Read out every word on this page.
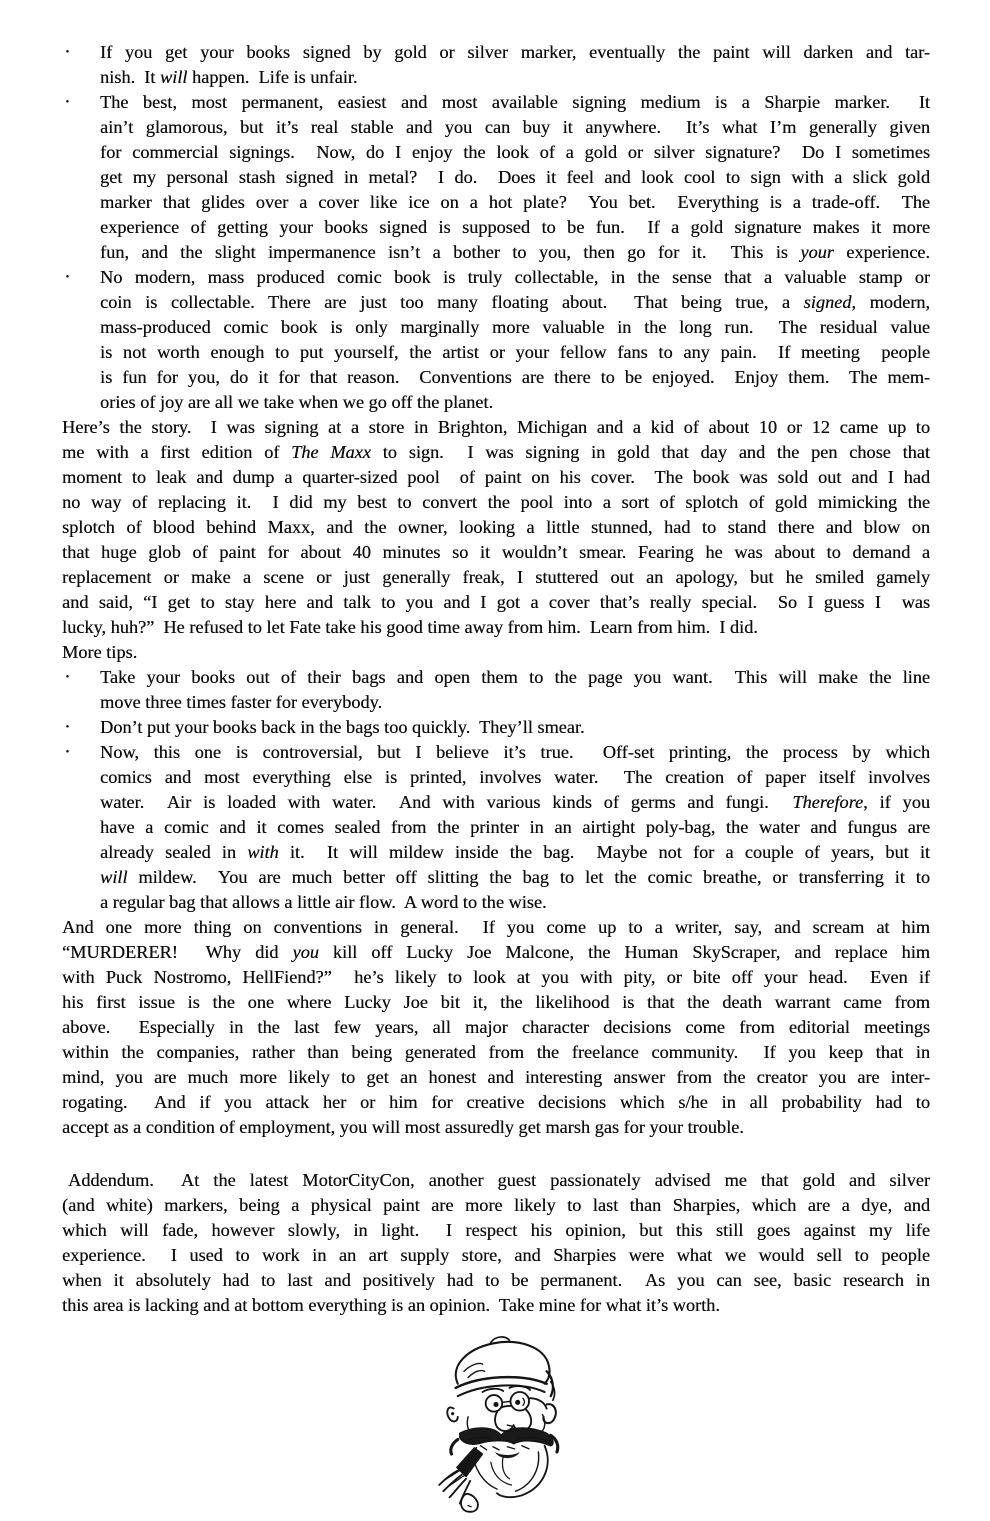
· If you get your books signed by gold or silver marker, eventually the paint will darken and tar-
nish.  It will happen.  Life is unfair.
· The best, most permanent, easiest and most available signing medium is a Sharpie marker.  It
ain’t glamorous, but it’s real stable and you can buy it anywhere.  It’s what I’m generally given
for commercial signings.  Now, do I enjoy the look of a gold or silver signature?  Do I sometimes
get my personal stash signed in metal?  I do.  Does it feel and look cool to sign with a slick gold
marker that glides over a cover like ice on a hot plate?  You bet.  Everything is a trade-off.  The
experience of getting your books signed is supposed to be fun.  If a gold signature makes it more
fun, and the slight impermanence isn’t a bother to you, then go for it.  This is your experience.
· No modern, mass produced comic book is truly collectable, in the sense that a valuable stamp or
coin is collectable. There are just too many floating about.  That being true, a signed, modern,
mass-produced comic book is only marginally more valuable in the long run.  The residual value
is not worth enough to put yourself, the artist or your fellow fans to any pain.  If meeting  people
is fun for you, do it for that reason.  Conventions are there to be enjoyed.  Enjoy them.  The mem-
ories of joy are all we take when we go off the planet.
Here’s the story.  I was signing at a store in Brighton, Michigan and a kid of about 10 or 12 came up to
me with a first edition of The Maxx to sign.  I was signing in gold that day and the pen chose that
moment to leak and dump a quarter-sized pool  of paint on his cover.  The book was sold out and I had
no way of replacing it.  I did my best to convert the pool into a sort of splotch of gold mimicking the
splotch of blood behind Maxx, and the owner, looking a little stunned, had to stand there and blow on
that huge glob of paint for about 40 minutes so it wouldn’t smear. Fearing he was about to demand a
replacement or make a scene or just generally freak, I stuttered out an apology, but he smiled gamely
and said, “I get to stay here and talk to you and I got a cover that’s really special.  So I guess I  was
lucky, huh?”  He refused to let Fate take his good time away from him.  Learn from him.  I did.
More tips.
· Take your books out of their bags and open them to the page you want.  This will make the line
move three times faster for everybody.
· Don’t put your books back in the bags too quickly.  They’ll smear.
· Now, this one is controversial, but I believe it’s true.  Off-set printing, the process by which
comics and most everything else is printed, involves water.  The creation of paper itself involves
water.  Air is loaded with water.  And with various kinds of germs and fungi.  Therefore, if you
have a comic and it comes sealed from the printer in an airtight poly-bag, the water and fungus are
already sealed in with it.  It will mildew inside the bag.  Maybe not for a couple of years, but it
will mildew.  You are much better off slitting the bag to let the comic breathe, or transferring it to
a regular bag that allows a little air flow.  A word to the wise.
And one more thing on conventions in general.  If you come up to a writer, say, and scream at him
“MURDERER!  Why did you kill off Lucky Joe Malcone, the Human SkyScraper, and replace him
with Puck Nostromo, HellFiend?”  he’s likely to look at you with pity, or bite off your head.  Even if
his first issue is the one where Lucky Joe bit it, the likelihood is that the death warrant came from
above.  Especially in the last few years, all major character decisions come from editorial meetings
within the companies, rather than being generated from the freelance community.  If you keep that in
mind, you are much more likely to get an honest and interesting answer from the creator you are inter-
rogating.  And if you attack her or him for creative decisions which s/he in all probability had to
accept as a condition of employment, you will most assuredly get marsh gas for your trouble.
Addendum.  At the latest MotorCityCon, another guest passionately advised me that gold and silver
(and white) markers, being a physical paint are more likely to last than Sharpies, which are a dye, and
which will fade, however slowly, in light.  I respect his opinion, but this still goes against my life
experience.  I used to work in an art supply store, and Sharpies were what we would sell to people
when it absolutely had to last and positively had to be permanent.  As you can see, basic research in
this area is lacking and at bottom everything is an opinion.  Take mine for what it’s worth.
